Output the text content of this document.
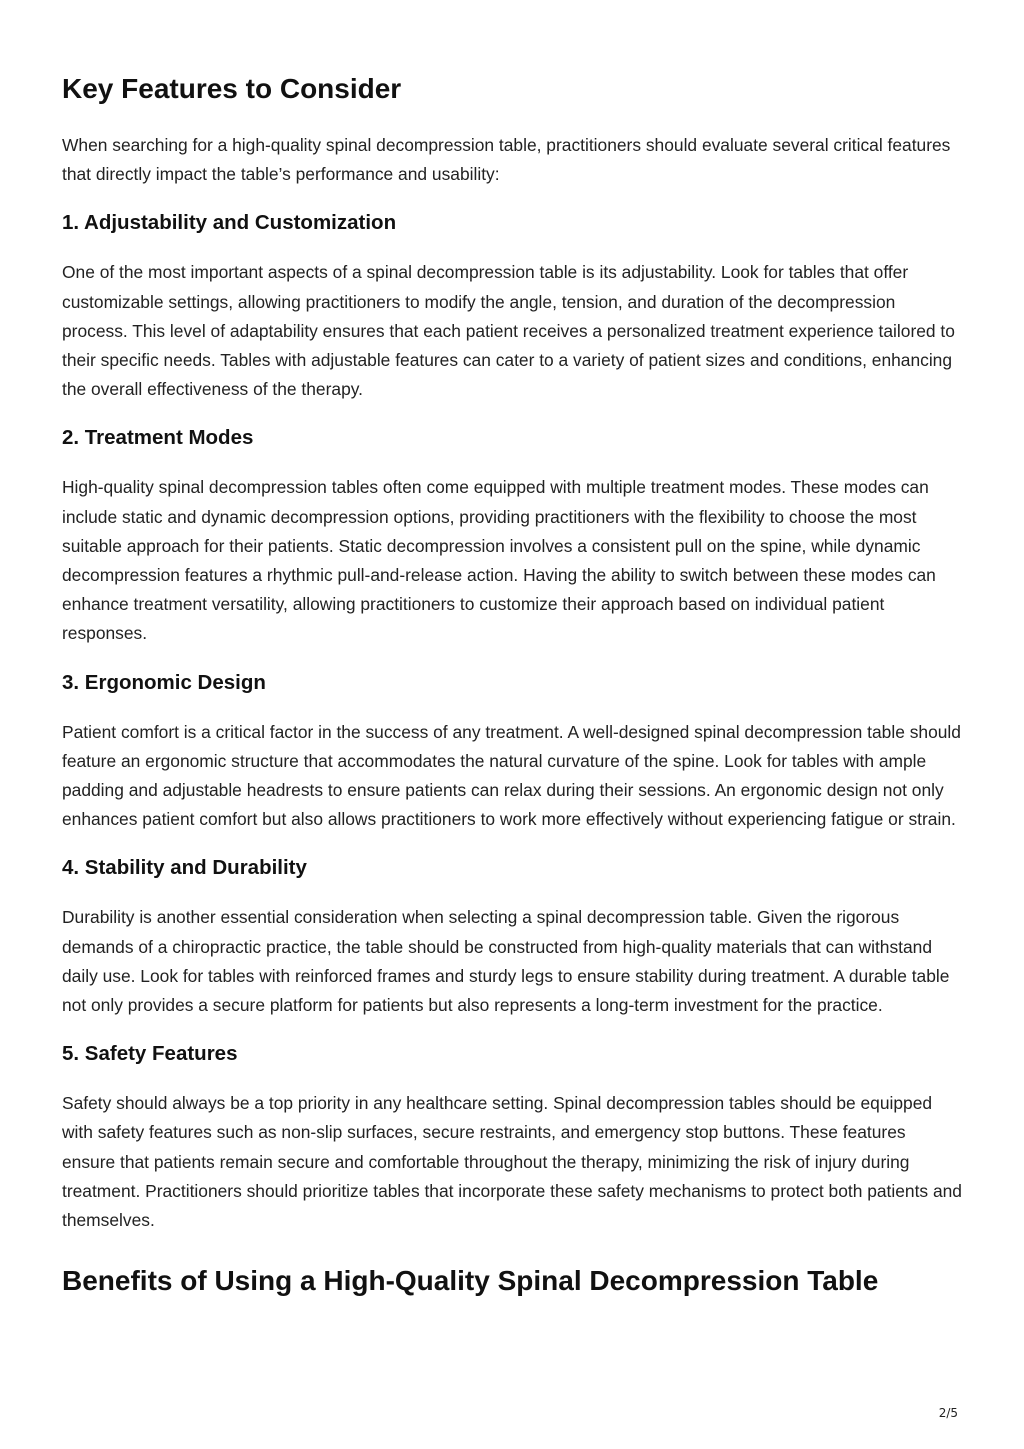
Key Features to Consider

When searching for a high-quality spinal decompression table, practitioners should evaluate several critical features that directly impact the table’s performance and usability:

1. Adjustability and Customization

One of the most important aspects of a spinal decompression table is its adjustability. Look for tables that offer customizable settings, allowing practitioners to modify the angle, tension, and duration of the decompression process. This level of adaptability ensures that each patient receives a personalized treatment experience tailored to their specific needs. Tables with adjustable features can cater to a variety of patient sizes and conditions, enhancing the overall effectiveness of the therapy.

2. Treatment Modes

High-quality spinal decompression tables often come equipped with multiple treatment modes. These modes can include static and dynamic decompression options, providing practitioners with the flexibility to choose the most suitable approach for their patients. Static decompression involves a consistent pull on the spine, while dynamic decompression features a rhythmic pull-and-release action. Having the ability to switch between these modes can enhance treatment versatility, allowing practitioners to customize their approach based on individual patient responses.

3. Ergonomic Design

Patient comfort is a critical factor in the success of any treatment. A well-designed spinal decompression table should feature an ergonomic structure that accommodates the natural curvature of the spine. Look for tables with ample padding and adjustable headrests to ensure patients can relax during their sessions. An ergonomic design not only enhances patient comfort but also allows practitioners to work more effectively without experiencing fatigue or strain.

4. Stability and Durability

Durability is another essential consideration when selecting a spinal decompression table. Given the rigorous demands of a chiropractic practice, the table should be constructed from high-quality materials that can withstand daily use. Look for tables with reinforced frames and sturdy legs to ensure stability during treatment. A durable table not only provides a secure platform for patients but also represents a long-term investment for the practice.

5. Safety Features

Safety should always be a top priority in any healthcare setting. Spinal decompression tables should be equipped with safety features such as non-slip surfaces, secure restraints, and emergency stop buttons. These features ensure that patients remain secure and comfortable throughout the therapy, minimizing the risk of injury during treatment. Practitioners should prioritize tables that incorporate these safety mechanisms to protect both patients and themselves.

Benefits of Using a High-Quality Spinal Decompression Table
2/5
